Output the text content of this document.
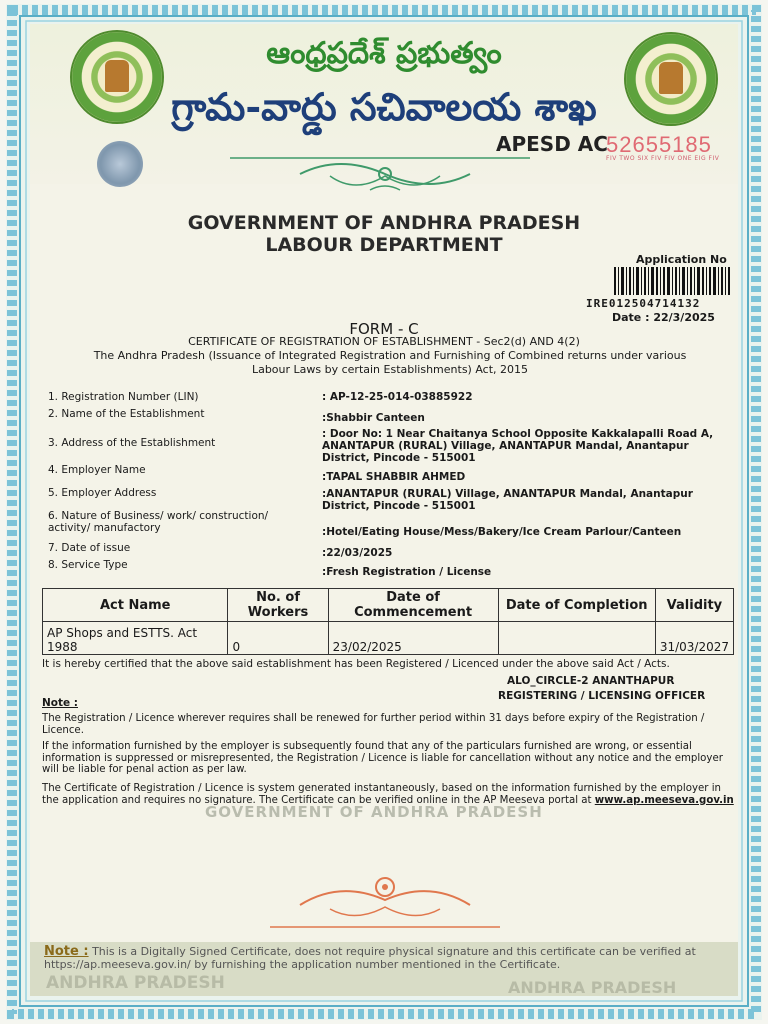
ఆంధ్రప్రదేశ్ ప్రభుత్వం
గ్రామ-వార్డు సచివాలయ శాఖ
APESD AC
52655185
FIV TWO SIX FIV FIV ONE EIG FIV
GOVERNMENT OF ANDHRA PRADESH
LABOUR DEPARTMENT
Application No
IRE012504714132
Date : 22/3/2025
FORM - C
CERTIFICATE OF REGISTRATION OF ESTABLISHMENT - Sec2(d) AND 4(2)
The Andhra Pradesh (Issuance of Integrated Registration and Furnishing of Combined returns under various
Labour Laws by certain Establishments) Act, 2015
1. Registration Number (LIN)	: AP-12-25-014-03885922
2. Name of the Establishment	:Shabbir Canteen
3. Address of the Establishment
: Door No: 1 Near Chaitanya School Opposite Kakkalapalli Road A, ANANTAPUR (RURAL) Village, ANANTAPUR Mandal, Anantapur District, Pincode - 515001
4. Employer Name
:TAPAL SHABBIR AHMED
5. Employer Address	:ANANTAPUR (RURAL) Village, ANANTAPUR Mandal, Anantapur District, Pincode - 515001
6. Nature of Business/ work/ construction/ activity/ manufactory	:Hotel/Eating House/Mess/Bakery/Ice Cream Parlour/Canteen
7. Date of issue	:22/03/2025
8. Service Type
:Fresh Registration / License
Act Name	No. of Workers	Date of Commencement	Date of Completion	Validity
AP Shops and ESTTS. Act 1988	0	23/02/2025		31/03/2027
It is hereby certified that the above said establishment has been Registered / Licenced under the above said Act / Acts.
ALO_CIRCLE-2 ANANTHAPUR
REGISTERING / LICENSING OFFICER
Note :
The Registration / Licence wherever requires shall be renewed for further period within 31 days before expiry of the Registration / Licence.
If the information furnished by the employer is subsequently found that any of the particulars furnished are wrong, or essential information is suppressed or misrepresented, the Registration / Licence is liable for cancellation without any notice and the employer will be liable for penal action as per law.
The Certificate of Registration / Licence is system generated instantaneously, based on the information furnished by the employer in the application and requires no signature. The Certificate can be verified online in the AP Meeseva portal at www.ap.meeseva.gov.in
GOVERNMENT OF ANDHRA PRADESH
Note : This is a Digitally Signed Certificate, does not require physical signature and this certificate can be verified at https://ap.meeseva.gov.in/ by furnishing the application number mentioned in the Certificate.
ANDHRA PRADESH	ANDHRA PRADESH
